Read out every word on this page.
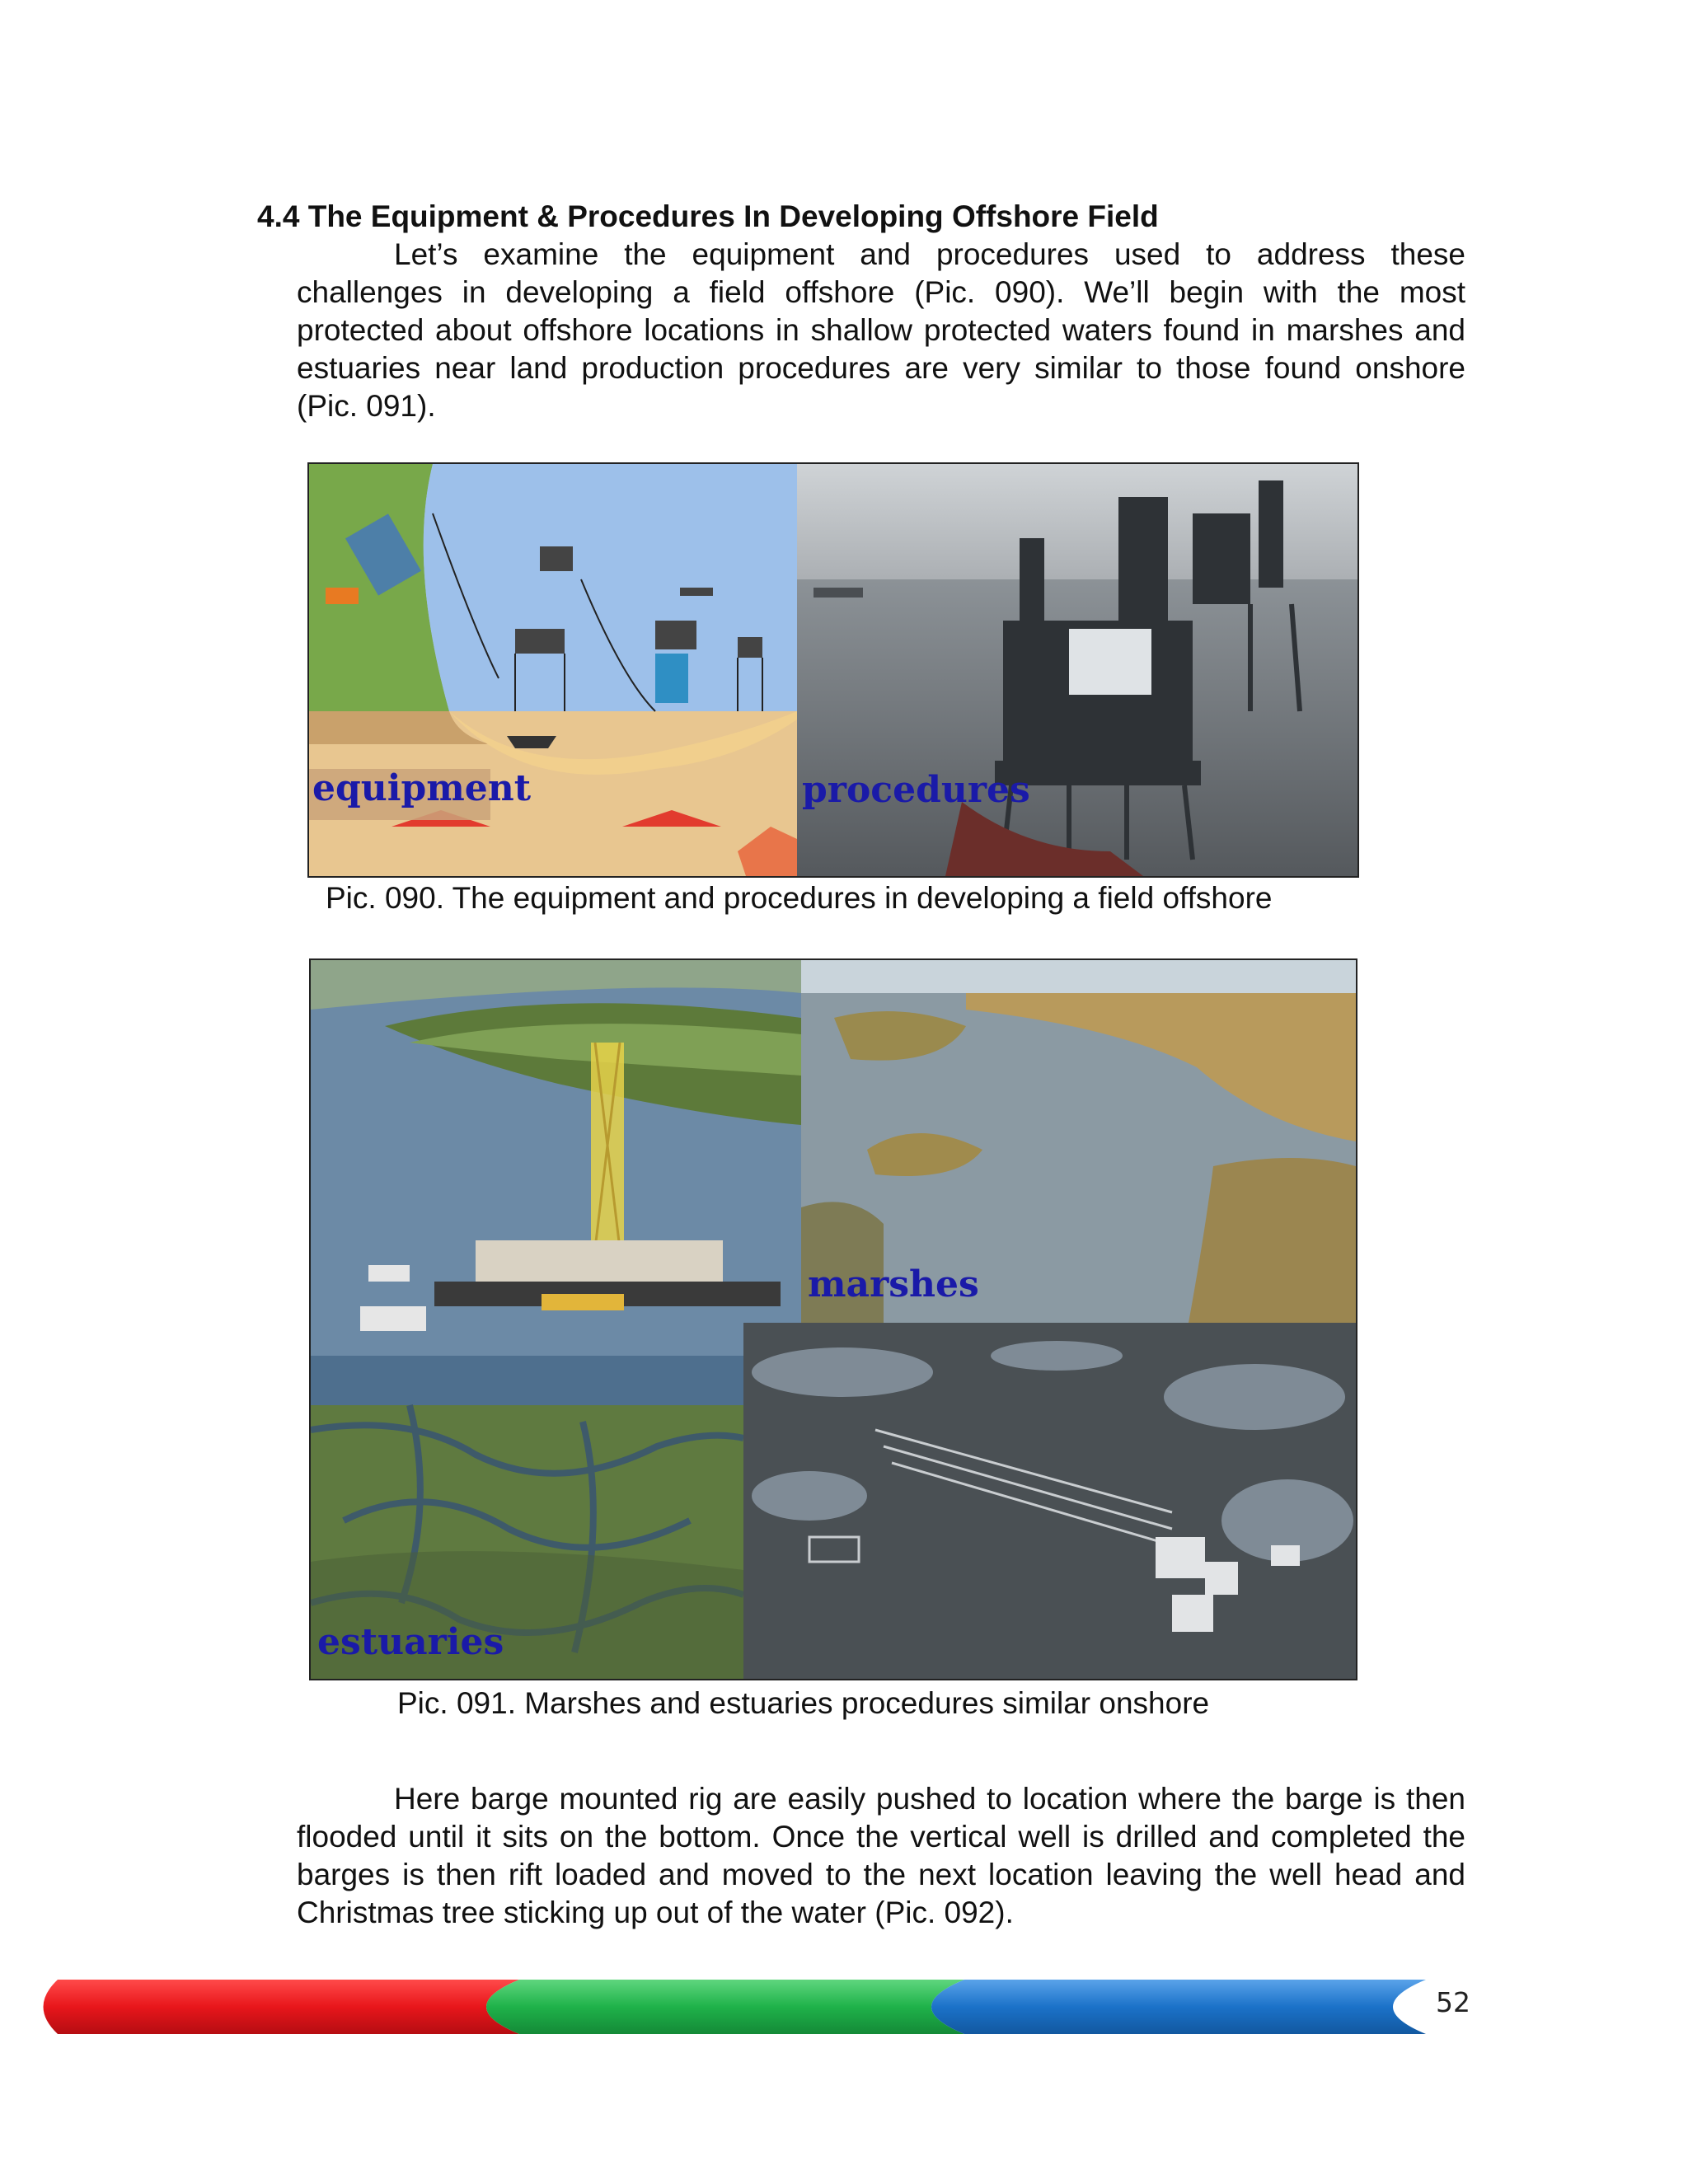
4.4 The Equipment & Procedures In Developing Offshore Field

Let’s examine the equipment and procedures used to address these challenges in developing a field offshore (Pic. 090). We’ll begin with the most protected about offshore locations in shallow protected waters found in marshes and estuaries near land production procedures are very similar to those found onshore (Pic. 091).

equipment	procedures

Pic. 090. The equipment and procedures in developing a field offshore

marshes
estuaries

Pic. 091. Marshes and estuaries procedures similar onshore

Here barge mounted rig are easily pushed to location where the barge is then flooded until it sits on the bottom. Once the vertical well is drilled and completed the barges is then rift loaded and moved to the next location leaving the well head and Christmas tree sticking up out of the water (Pic. 092).

52
